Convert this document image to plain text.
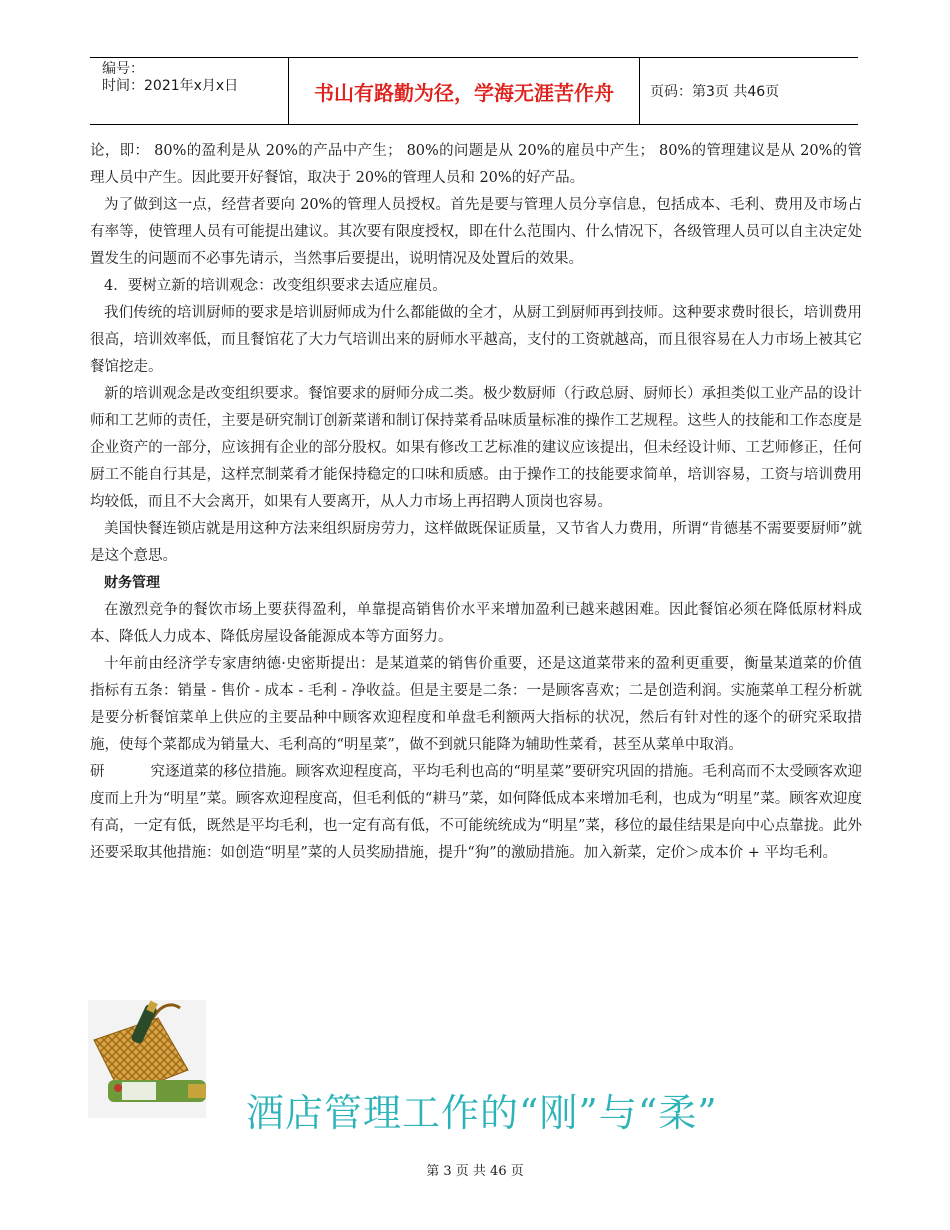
编号：
时间：2021年x月x日	书山有路勤为径，学海无涯苦作舟	页码：第3页 共46页

论，即： 80%的盈利是从 20%的产品中产生； 80%的问题是从 20%的雇员中产生； 80%的管理建议是从 20%的管理人员中产生。因此要开好餐馆，取决于 20%的管理人员和 20%的好产品。

为了做到这一点，经营者要向 20%的管理人员授权。首先是要与管理人员分享信息，包括成本、毛利、费用及市场占有率等，使管理人员有可能提出建议。其次要有限度授权，即在什么范围内、什么情况下，各级管理人员可以自主决定处置发生的问题而不必事先请示，当然事后要提出，说明情况及处置后的效果。

4．要树立新的培训观念：改变组织要求去适应雇员。

我们传统的培训厨师的要求是培训厨师成为什么都能做的全才，从厨工到厨师再到技师。这种要求费时很长，培训费用很高，培训效率低，而且餐馆花了大力气培训出来的厨师水平越高，支付的工资就越高，而且很容易在人力市场上被其它餐馆挖走。

新的培训观念是改变组织要求。餐馆要求的厨师分成二类。极少数厨师（行政总厨、厨师长）承担类似工业产品的设计师和工艺师的责任，主要是研究制订创新菜谱和制订保持菜肴品味质量标准的操作工艺规程。这些人的技能和工作态度是企业资产的一部分，应该拥有企业的部分股权。如果有修改工艺标准的建议应该提出，但未经设计师、工艺师修正，任何厨工不能自行其是，这样烹制菜肴才能保持稳定的口味和质感。由于操作工的技能要求简单，培训容易，工资与培训费用均较低，而且不大会离开，如果有人要离开，从人力市场上再招聘人顶岗也容易。

美国快餐连锁店就是用这种方法来组织厨房劳力，这样做既保证质量，又节省人力费用，所谓“肯德基不需要要厨师”就是这个意思。

财务管理

在激烈竞争的餐饮市场上要获得盈利，单靠提高销售价水平来增加盈利已越来越困难。因此餐馆必须在降低原材料成本、降低人力成本、降低房屋设备能源成本等方面努力。

十年前由经济学专家唐纳德·史密斯提出：是某道菜的销售价重要，还是这道菜带来的盈利更重要，衡量某道菜的价值指标有五条：销量 - 售价 - 成本 - 毛利 - 净收益。但是主要是二条：一是顾客喜欢；二是创造利润。实施菜单工程分析就是要分析餐馆菜单上供应的主要品种中顾客欢迎程度和单盘毛利额两大指标的状况，然后有针对性的逐个的研究采取措施，使每个菜都成为销量大、毛利高的“明星菜”，做不到就只能降为辅助性菜肴，甚至从菜单中取消。

研	究逐道菜的移位措施。顾客欢迎程度高，平均毛利也高的“明星菜”要研究巩固的措施。毛利高而不太受顾客欢迎度而上升为“明星”菜。顾客欢迎程度高，但毛利低的“耕马”菜，如何降低成本来增加毛利，也成为“明星”菜。顾客欢迎度有高，一定有低，既然是平均毛利，也一定有高有低，不可能统统成为“明星”菜，移位的最佳结果是向中心点靠拢。此外还要采取其他措施：如创造“明星”菜的人员奖励措施，提升“狗”的激励措施。加入新菜，定价＞成本价 + 平均毛利。

酒店管理工作的“刚”与“柔”
第 3 页 共 46 页
